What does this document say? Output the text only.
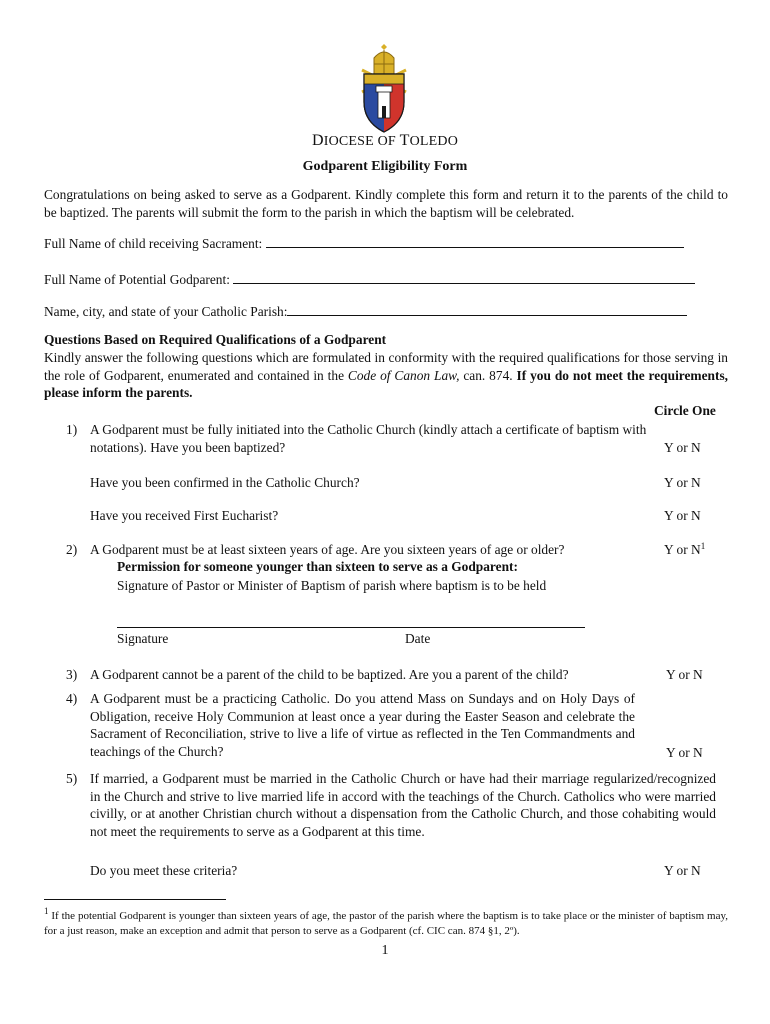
DIOCESE OF TOLEDO
Godparent Eligibility Form
Congratulations on being asked to serve as a Godparent. Kindly complete this form and return it to the parents of the child to be baptized. The parents will submit the form to the parish in which the baptism will be celebrated.
Full Name of child receiving Sacrament:
Full Name of Potential Godparent:
Name, city, and state of your Catholic Parish:
Questions Based on Required Qualifications of a Godparent
Kindly answer the following questions which are formulated in conformity with the required qualifications for those serving in the role of Godparent, enumerated and contained in the Code of Canon Law, can. 874. If you do not meet the requirements, please inform the parents.
Circle One
1) A Godparent must be fully initiated into the Catholic Church (kindly attach a certificate of baptism with notations). Have you been baptized?	Y or N
Have you been confirmed in the Catholic Church?	Y or N
Have you received First Eucharist?	Y or N
2) A Godparent must be at least sixteen years of age. Are you sixteen years of age or older?	Y or $N^1$
Permission for someone younger than sixteen to serve as a Godparent:
Signature of Pastor or Minister of Baptism of parish where baptism is to be held
Signature	Date
3) A Godparent cannot be a parent of the child to be baptized. Are you a parent of the child?	Y or N
4) A Godparent must be a practicing Catholic. Do you attend Mass on Sundays and on Holy Days of Obligation, receive Holy Communion at least once a year during the Easter Season and celebrate the Sacrament of Reconciliation, strive to live a life of virtue as reflected in the Ten Commandments and teachings of the Church?	Y or N
5) If married, a Godparent must be married in the Catholic Church or have had their marriage regularized/recognized in the Church and strive to live married life in accord with the teachings of the Church. Catholics who were married civilly, or at another Christian church without a dispensation from the Catholic Church, and those cohabiting would not meet the requirements to serve as a Godparent at this time.
Do you meet these criteria?	Y or N
$^1$ If the potential Godparent is younger than sixteen years of age, the pastor of the parish where the baptism is to take place or the minister of baptism may, for a just reason, make an exception and admit that person to serve as a Godparent (cf. CIC can. 874 §1, 2º).
1
